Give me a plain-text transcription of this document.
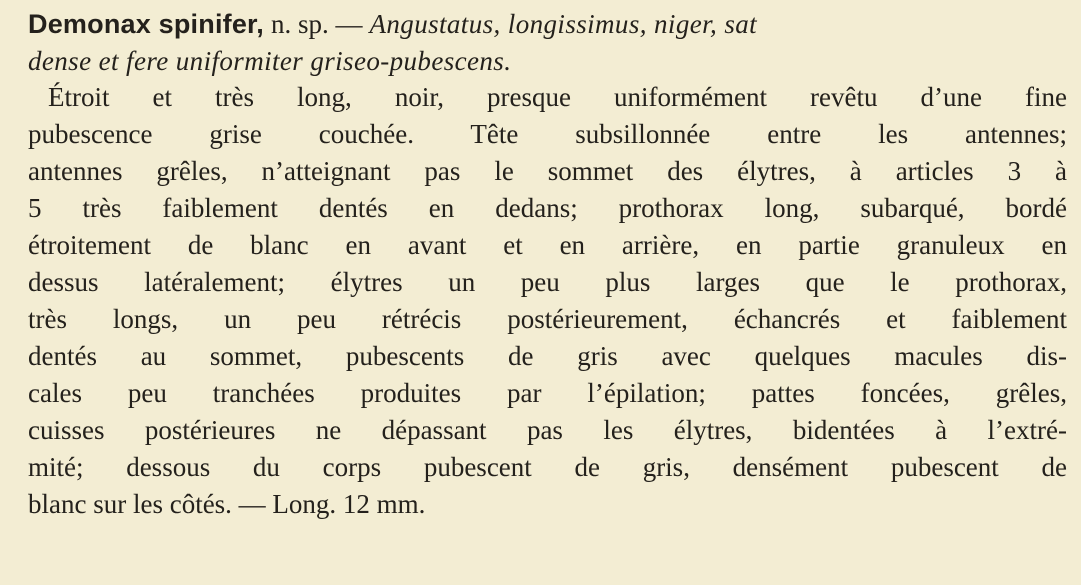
Demonax spinifer, n. sp. — Angustatus, longissimus, niger, sat
dense et fere uniformiter griseo-pubescens.
Étroit et très long, noir, presque uniformément revêtu d’une fine
pubescence grise couchée. Tête subsillonnée entre les antennes;
antennes grêles, n’atteignant pas le sommet des élytres, à articles 3 à
5 très faiblement dentés en dedans; prothorax long, subarqué, bordé
étroitement de blanc en avant et en arrière, en partie granuleux en
dessus latéralement; élytres un peu plus larges que le prothorax,
très longs, un peu rétrécis postérieurement, échancrés et faiblement
dentés au sommet, pubescents de gris avec quelques macules dis-
cales peu tranchées produites par l’épilation; pattes foncées, grêles,
cuisses postérieures ne dépassant pas les élytres, bidentées à l’extré-
mité; dessous du corps pubescent de gris, densément pubescent de
blanc sur les côtés. — Long. 12 mm.
